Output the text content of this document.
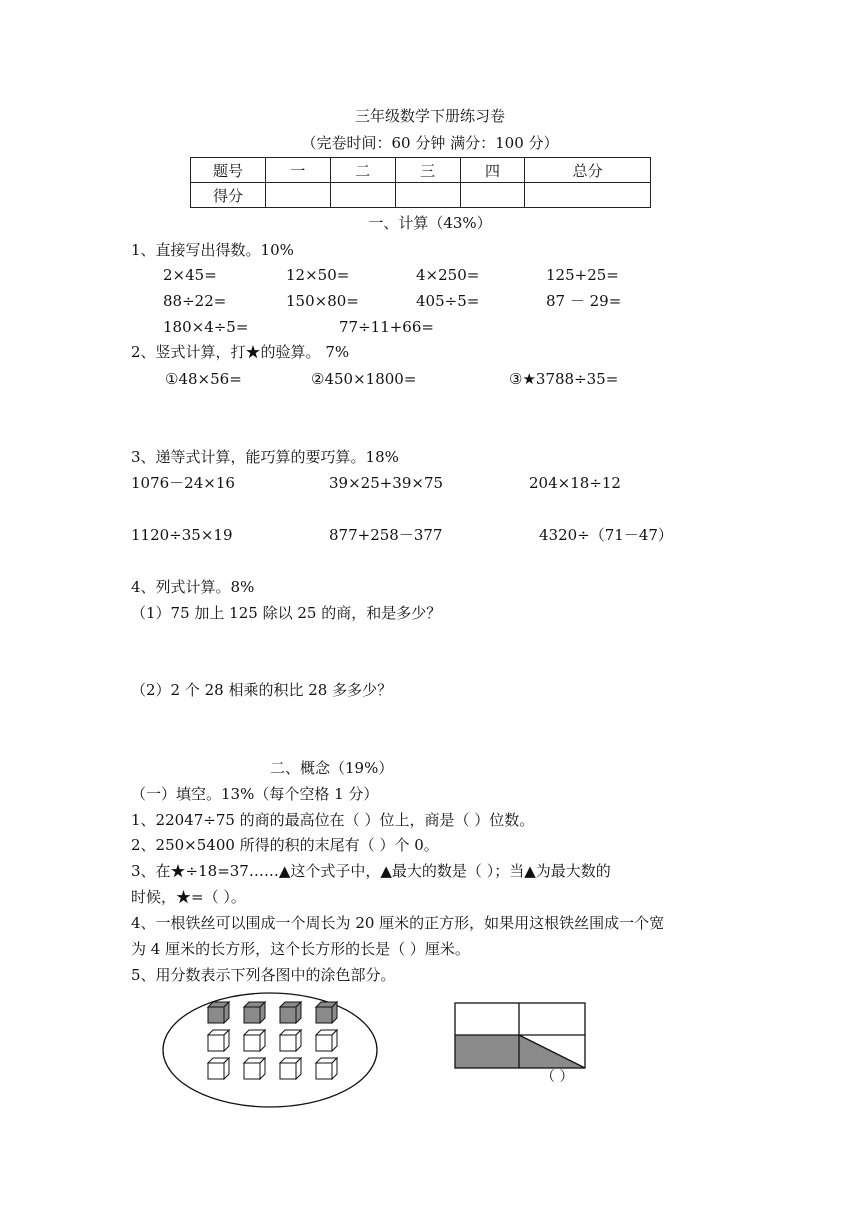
三年级数学下册练习卷
（完卷时间：60 分钟 满分：100 分）
题号	一	二	三	四	总分
得分					
一、计算（43%）
1、直接写出得数。10%
2×45=	12×50=	4×250=	125+25=
88÷22=	150×80=	405÷5=	87 － 29=
180×4÷5=	77÷11+66=
2、竖式计算，打★的验算。 7%
①48×56=	②450×1800=	③★3788÷35=
3、递等式计算，能巧算的要巧算。18%
1076－24×16	39×25+39×75	204×18÷12
1120÷35×19	877+258－377	4320÷（71－47）
4、列式计算。8%
（1）75 加上 125 除以 25 的商，和是多少？
（2）2 个 28 相乘的积比 28 多多少？
二、概念（19%）
（一）填空。13%（每个空格 1 分）
1、22047÷75 的商的最高位在（ ）位上，商是（ ）位数。
2、250×5400 所得的积的末尾有（ ）个 0。
3、在★÷18=37……▲这个式子中，▲最大的数是（ ）；当▲为最大数的
时候，★=（ ）。
4、一根铁丝可以围成一个周长为 20 厘米的正方形，如果用这根铁丝围成一个宽
为 4 厘米的长方形，这个长方形的长是（ ）厘米。
5、用分数表示下列各图中的涂色部分。
（ ）
